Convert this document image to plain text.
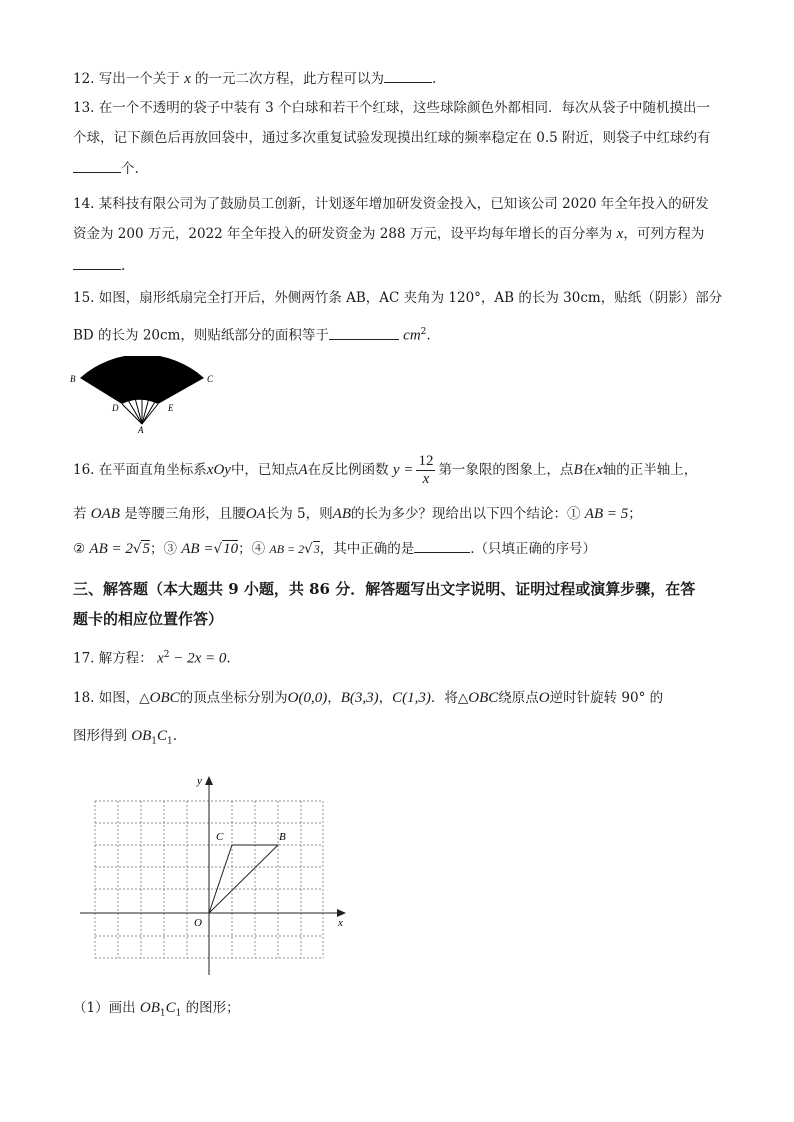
12. 写出一个关于 x 的一元二次方程，此方程可以为	.
13. 在一个不透明的袋子中装有 3 个白球和若干个红球，这些球除颜色外都相同．每次从袋子中随机摸出一
个球，记下颜色后再放回袋中，通过多次重复试验发现摸出红球的频率稳定在 0.5 附近，则袋子中红球约有
个.
14. 某科技有限公司为了鼓励员工创新，计划逐年增加研发资金投入，已知该公司 2020 年全年投入的研发
资金为 200 万元，2022 年全年投入的研发资金为 288 万元，设平均每年增长的百分率为 x，可列方程为
.
15. 如图，扇形纸扇完全打开后，外侧两竹条 AB，AC 夹角为 120°，AB 的长为 30cm，贴纸（阴影）部分
BD 的长为 20cm，则贴纸部分的面积等于	$cm^2$.
B	C
D	E
A
16. 在平面直角坐标系xOy中，已知点A在反比例函数 $y = \frac{12}{x}$ 第一象限的图象上，点B在x轴的正半轴上，
若 OAB 是等腰三角形，且腰OA长为 5，则AB的长为多少？现给出以下四个结论：① AB = 5；
② AB = 2√5；③ AB =√10；④ AB = 2√3，其中正确的是	.（只填正确的序号）
三、解答题（本大题共 9 小题，共 86 分．解答题写出文字说明、证明过程或演算步骤，在答
题卡的相应位置作答）
17. 解方程： $x^2 - 2x = 0$.
18. 如图，△OBC的顶点坐标分别为O(0,0)，B(3,3)，C(1,3)．将△OBC绕原点O逆时针旋转 90° 的
图形得到 $OB_1C_1$.
y
x
O
C	B
（1）画出 $OB_1C_1$ 的图形；
